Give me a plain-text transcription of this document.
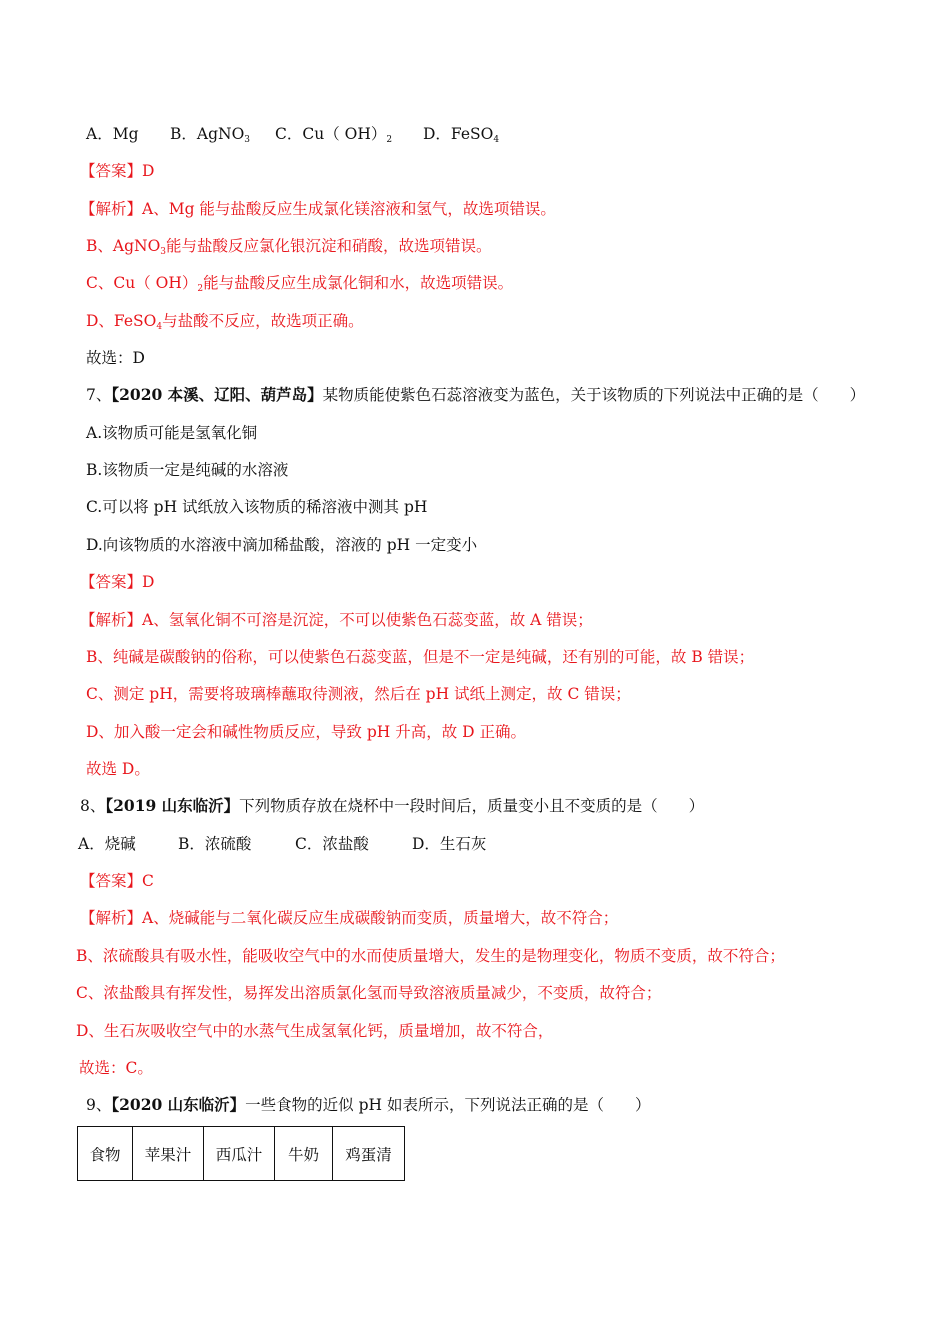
A．Mg B．AgNO$_3$ C．Cu（ $OH)_2$ D．FeSO$_4$
【答案】D
【解析】A、Mg 能与盐酸反应生成氯化镁溶液和氢气，故选项错误。
B、AgNO$_3$能与盐酸反应氯化银沉淀和硝酸，故选项错误。
C、Cu（ $OH)_2$能与盐酸反应生成氯化铜和水，故选项错误。
D、FeSO$_4$与盐酸不反应，故选项正确。
故选：D
7、【2020 本溪、辽阳、葫芦岛】某物质能使紫色石蕊溶液变为蓝色，关于该物质的下列说法中正确的是（　　）
A.该物质可能是氢氧化铜
B.该物质一定是纯碱的水溶液
C.可以将 pH 试纸放入该物质的稀溶液中测其 pH
D.向该物质的水溶液中滴加稀盐酸，溶液的 pH 一定变小
【答案】D
【解析】A、氢氧化铜不可溶是沉淀，不可以使紫色石蕊变蓝，故 A 错误；
B、纯碱是碳酸钠的俗称，可以使紫色石蕊变蓝，但是不一定是纯碱，还有别的可能，故 B 错误；
C、测定 pH，需要将玻璃棒蘸取待测液，然后在 pH 试纸上测定，故 C 错误；
D、加入酸一定会和碱性物质反应，导致 pH 升高，故 D 正确。
故选 D。
8、【2019 山东临沂】下列物质存放在烧杯中一段时间后，质量变小且不变质的是（　　）
A．烧碱	B．浓硫酸	C．浓盐酸	D．生石灰
【答案】C
【解析】A、烧碱能与二氧化碳反应生成碳酸钠而变质，质量增大，故不符合；
B、浓硫酸具有吸水性，能吸收空气中的水而使质量增大，发生的是物理变化，物质不变质，故不符合；
C、浓盐酸具有挥发性，易挥发出溶质氯化氢而导致溶液质量减少，不变质，故符合；
D、生石灰吸收空气中的水蒸气生成氢氧化钙，质量增加，故不符合，
故选：C。
9、【2020 山东临沂】一些食物的近似 pH 如表所示，下列说法正确的是（　　）
食物	苹果汁	西瓜汁	牛奶	鸡蛋清
